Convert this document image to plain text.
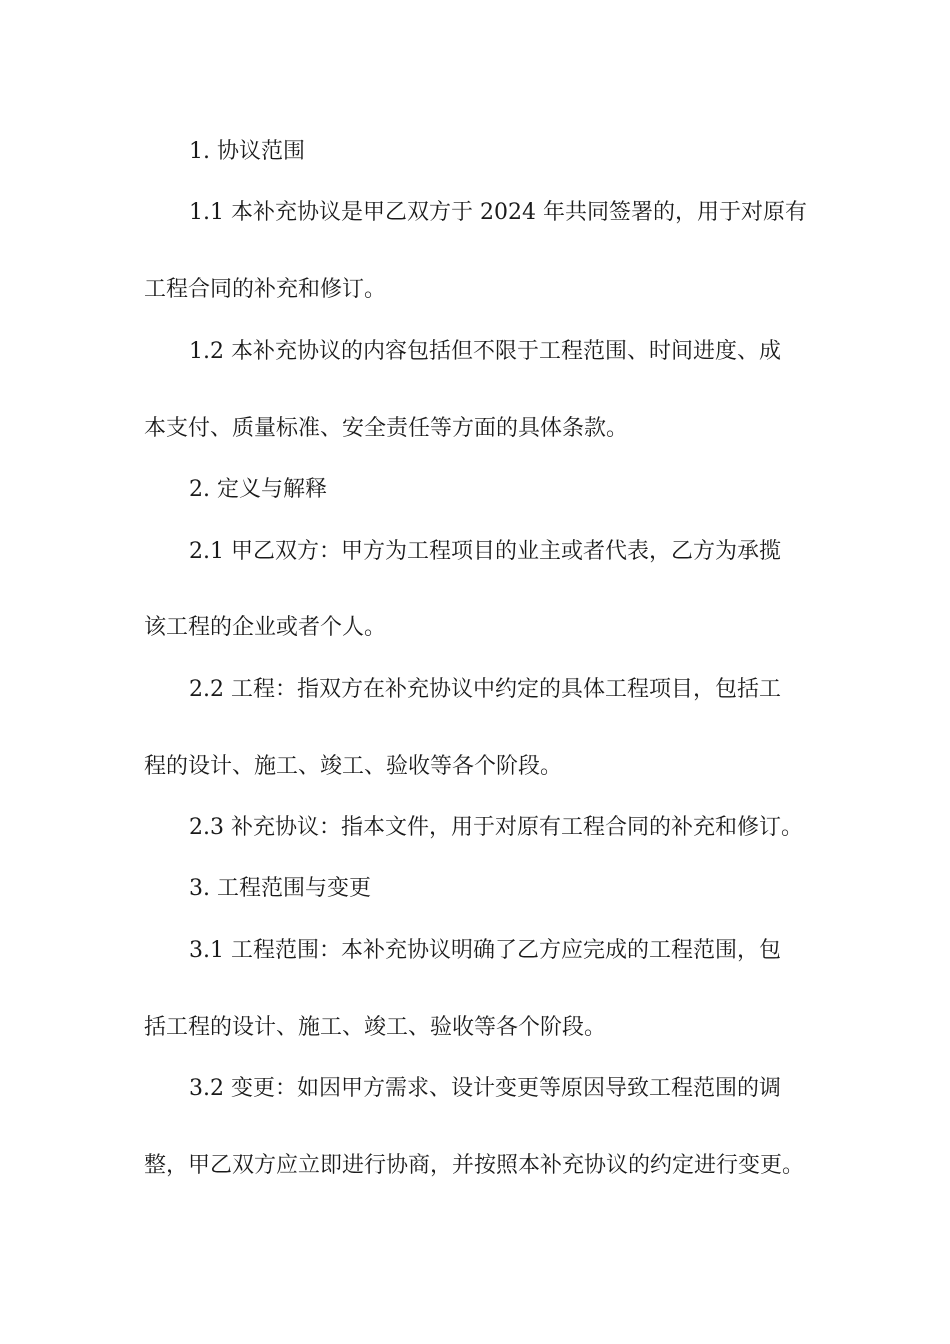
1. 协议范围

1.1 本补充协议是甲乙双方于 2024 年共同签署的，用于对原有

工程合同的补充和修订。

1.2 本补充协议的内容包括但不限于工程范围、时间进度、成

本支付、质量标准、安全责任等方面的具体条款。

2. 定义与解释

2.1 甲乙双方：甲方为工程项目的业主或者代表，乙方为承揽

该工程的企业或者个人。

2.2 工程：指双方在补充协议中约定的具体工程项目，包括工

程的设计、施工、竣工、验收等各个阶段。

2.3 补充协议：指本文件，用于对原有工程合同的补充和修订。

3. 工程范围与变更

3.1 工程范围：本补充协议明确了乙方应完成的工程范围，包

括工程的设计、施工、竣工、验收等各个阶段。

3.2 变更：如因甲方需求、设计变更等原因导致工程范围的调

整，甲乙双方应立即进行协商，并按照本补充协议的约定进行变更。
